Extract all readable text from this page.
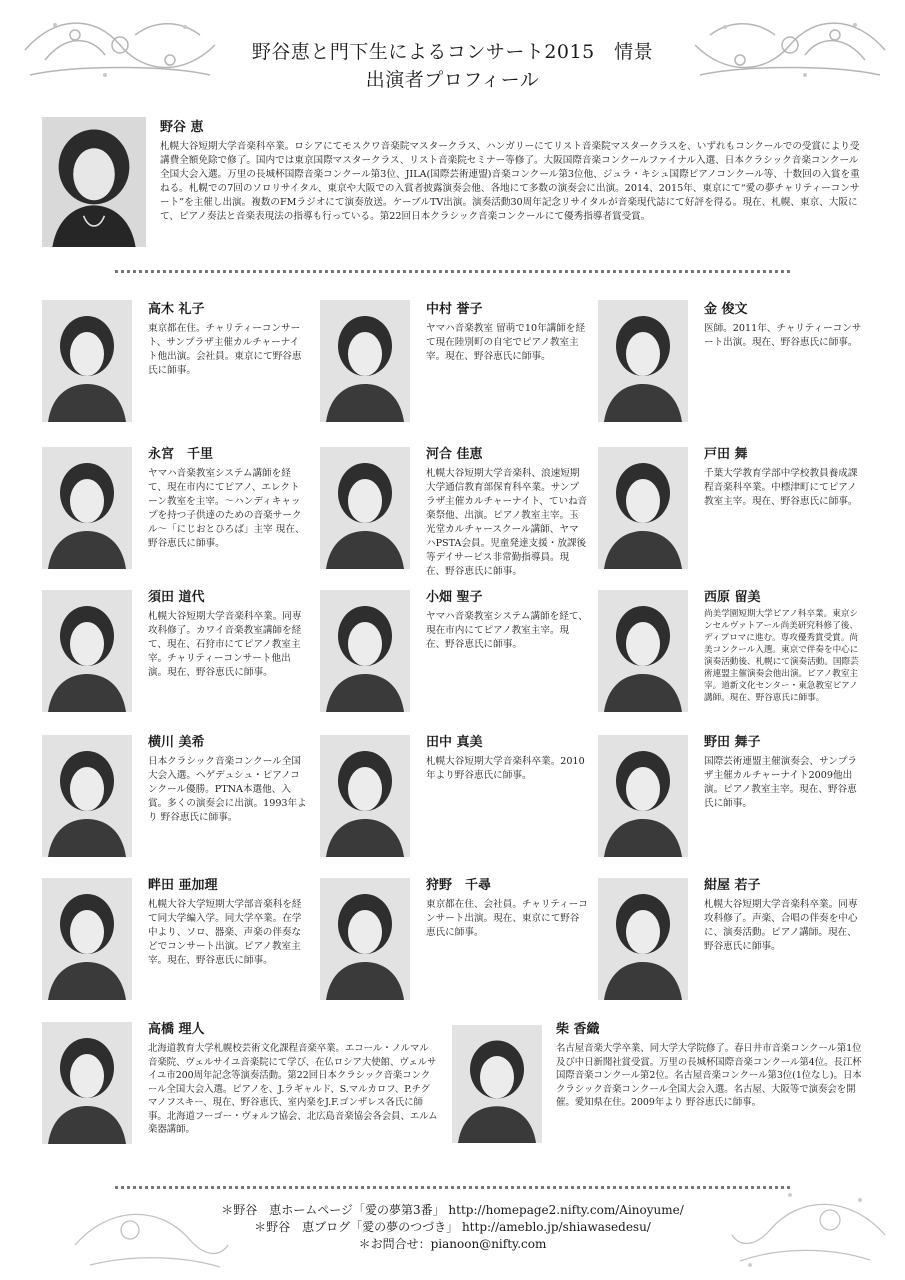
野谷恵と門下生によるコンサート2015　情景
出演者プロフィール
野谷 恵
札幌大谷短期大学音楽科卒業。ロシアにてモスクワ音楽院マスタークラス、ハンガリーにてリスト音楽院マスタークラスを、いずれもコンクールでの受賞により受講費全額免除で修了。国内では東京国際マスタークラス、リスト音楽院セミナー等修了。大阪国際音楽コンクールファイナル入選、日本クラシック音楽コンクール全国大会入選。万里の長城杯国際音楽コンクール第3位、JILA(国際芸術連盟)音楽コンクール第3位他、ジュラ・キシュ国際ピアノコンクール等、十数回の入賞を重ねる。札幌での7回のソロリサイタル、東京や大阪での入賞者披露演奏会他、各地にて多数の演奏会に出演。2014、2015年、東京にて“愛の夢チャリティーコンサート”を主催し出演。複数のFMラジオにて演奏放送。ケーブルTV出演。演奏活動30周年記念リサイタルが音楽現代誌にて好評を得る。現在、札幌、東京、大阪にて、ピアノ奏法と音楽表現法の指導も行っている。第22回日本クラシック音楽コンクールにて優秀指導者賞受賞。
高木 礼子
東京都在住。チャリティーコンサート、サンプラザ主催カルチャーナイト他出演。会社員。東京にて野谷恵氏に師事。
中村 誉子
ヤマハ音楽教室 留萌で10年講師を経て現在陸別町の自宅でピアノ教室主宰。現在、野谷恵氏に師事。
金 俊文
医師。2011年、チャリティーコンサート出演。現在、野谷恵氏に師事。
永宮　千里
ヤマハ音楽教室システム講師を経て、現在市内にてピアノ、エレクトーン教室を主宰。～ハンディキャップを持つ子供達のための音楽サークル～「にじおとひろば」主宰 現在、野谷恵氏に師事。
河合 佳恵
札幌大谷短期大学音楽科、浪速短期大学通信教育部保育科卒業。サンプラザ主催カルチャーナイト、ていね音楽祭他、出演。ピアノ教室主宰。玉光堂カルチャースクール講師、ヤマハPSTA会員。児童発達支援・放課後等デイサービス非常勤指導員。現在、野谷恵氏に師事。
戸田 舞
千葉大学教育学部中学校教員養成課程音楽科卒業。中標津町にてピアノ教室主宰。現在、野谷恵氏に師事。
須田 道代
札幌大谷短期大学音楽科卒業。同専攻科修了。カワイ音楽教室講師を経て、現在、石狩市にてピアノ教室主宰。チャリティーコンサート他出演。現在、野谷恵氏に師事。
小畑 聖子
ヤマハ音楽教室システム講師を経て、現在市内にてピアノ教室主宰。現在、野谷恵氏に師事。
西原 留美
尚美学園短期大学ピアノ科卒業。東京シンセルヴァトアール尚美研究科修了後、ディプロマに進む。専攻優秀賞受賞。尚美コンクール入選。東京で伴奏を中心に演奏活動後、札幌にて演奏活動。国際芸術連盟主催演奏会他出演。ピアノ教室主宰。道新文化センター・東急教室ピアノ講師。現在、野谷恵氏に師事。
横川 美希
日本クラシック音楽コンクール全国大会入選。ヘゲデュシュ・ピアノコンクール優勝。PTNA本選他、入賞。多くの演奏会に出演。1993年より 野谷恵氏に師事。
田中 真美
札幌大谷短期大学音楽科卒業。2010年より野谷恵氏に師事。
野田 舞子
国際芸術連盟主催演奏会、サンプラザ主催カルチャーナイト2009他出演。ピアノ教室主宰。現在、野谷恵氏に師事。
畔田 亜加理
札幌大谷大学短期大学部音楽科を経て同大学編入学。同大学卒業。在学中より、ソロ、器楽、声楽の伴奏などでコンサート出演。ピアノ教室主宰。現在、野谷恵氏に師事。
狩野　千尋
東京都在住、会社員。チャリティーコンサート出演。現在、東京にて野谷恵氏に師事。
紺屋 若子
札幌大谷短期大学音楽科卒業。同専攻科修了。声楽、合唱の伴奏を中心に、演奏活動。ピアノ講師。現在、野谷恵氏に師事。
高橋 理人
北海道教育大学札幌校芸術文化課程音楽卒業。エコール・ノルマル音楽院、ヴェルサイユ音楽院にて学び、在仏ロシア大使館、ヴェルサイユ市200周年記念等演奏活動。第22回日本クラシック音楽コンクール全国大会入選。ピアノを、J.ラギャルド、S.マルカロフ、P.チグマノフスキー、現在、野谷恵氏、室内楽をJ.F.ゴンザレス各氏に師事。北海道フーゴー・ヴォルフ協会、北広島音楽協会各会員、エルム楽器講師。
柴 香織
名古屋音楽大学卒業、同大学大学院修了。春日井市音楽コンクール第1位及び中日新聞社賞受賞。万里の長城杯国際音楽コンクール第4位。長江杯国際音楽コンクール第2位。名古屋音楽コンクール第3位(1位なし)。日本クラシック音楽コンクール全国大会入選。名古屋、大阪等で演奏会を開催。愛知県在住。2009年より 野谷恵氏に師事。
＊野谷　恵ホームページ「愛の夢第3番」 http://homepage2.nifty.com/Ainoyume/
＊野谷　恵ブログ「愛の夢のつづき」 http://ameblo.jp/shiawasedesu/
＊お問合せ：pianoon@nifty.com
